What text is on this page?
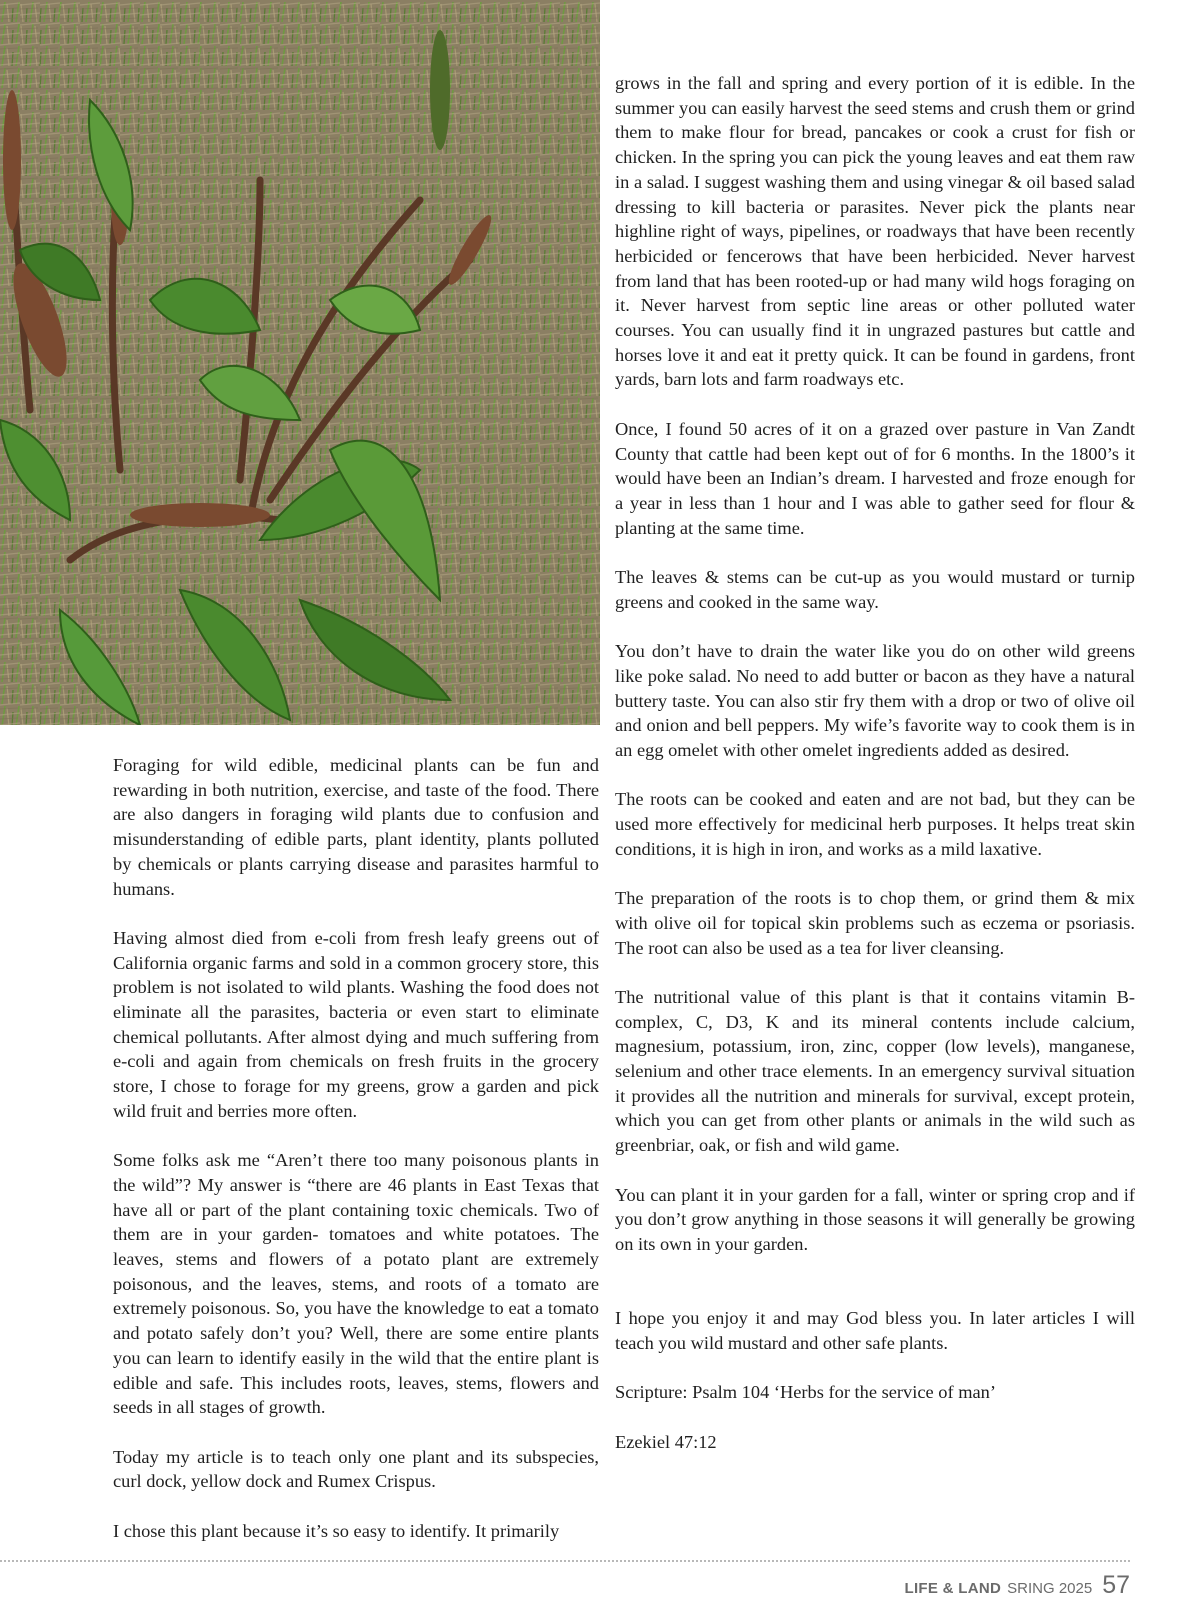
Foraging for wild edible, medicinal plants can be fun and rewarding in both nutrition, exercise, and taste of the food. There are also dangers in foraging wild plants due to confusion and misunderstanding of edible parts, plant identity, plants polluted by chemicals or plants carrying disease and parasites harmful to humans.

Having almost died from e-coli from fresh leafy greens out of California organic farms and sold in a common grocery store, this problem is not isolated to wild plants. Washing the food does not eliminate all the parasites, bacteria or even start to eliminate chemical pollutants. After almost dying and much suffering from e-coli and again from chemicals on fresh fruits in the grocery store, I chose to forage for my greens, grow a garden and pick wild fruit and berries more often.

Some folks ask me “Aren’t there too many poisonous plants in the wild”? My answer is “there are 46 plants in East Texas that have all or part of the plant containing toxic chemicals. Two of them are in your garden- tomatoes and white potatoes. The leaves, stems and flowers of a potato plant are extremely poisonous, and the leaves, stems, and roots of a tomato are extremely poisonous. So, you have the knowledge to eat a tomato and potato safely don’t you? Well, there are some entire plants you can learn to identify easily in the wild that the entire plant is edible and safe. This includes roots, leaves, stems, flowers and seeds in all stages of growth.

Today my article is to teach only one plant and its subspecies, curl dock, yellow dock and Rumex Crispus.

I chose this plant because it’s so easy to identify. It primarily

grows in the fall and spring and every portion of it is edible. In the summer you can easily harvest the seed stems and crush them or grind them to make flour for bread, pancakes or cook a crust for fish or chicken. In the spring you can pick the young leaves and eat them raw in a salad. I suggest washing them and using vinegar & oil based salad dressing to kill bacteria or parasites. Never pick the plants near highline right of ways, pipelines, or roadways that have been recently herbicided or fencerows that have been herbicided. Never harvest from land that has been rooted-up or had many wild hogs foraging on it. Never harvest from septic line areas or other polluted water courses. You can usually find it in ungrazed pastures but cattle and horses love it and eat it pretty quick. It can be found in gardens, front yards, barn lots and farm roadways etc.

Once, I found 50 acres of it on a grazed over pasture in Van Zandt County that cattle had been kept out of for 6 months. In the 1800’s it would have been an Indian’s dream. I harvested and froze enough for a year in less than 1 hour and I was able to gather seed for flour & planting at the same time.

The leaves & stems can be cut-up as you would mustard or turnip greens and cooked in the same way.

You don’t have to drain the water like you do on other wild greens like poke salad. No need to add butter or bacon as they have a natural buttery taste. You can also stir fry them with a drop or two of olive oil and onion and bell peppers. My wife’s favorite way to cook them is in an egg omelet with other omelet ingredients added as desired.

The roots can be cooked and eaten and are not bad, but they can be used more effectively for medicinal herb purposes. It helps treat skin conditions, it is high in iron, and works as a mild laxative.

The preparation of the roots is to chop them, or grind them & mix with olive oil for topical skin problems such as eczema or psoriasis. The root can also be used as a tea for liver cleansing.

The nutritional value of this plant is that it contains vitamin B-complex, C, D3, K and its mineral contents include calcium, magnesium, potassium, iron, zinc, copper (low levels), manganese, selenium and other trace elements. In an emergency survival situation it provides all the nutrition and minerals for survival, except protein, which you can get from other plants or animals in the wild such as greenbriar, oak, or fish and wild game.

You can plant it in your garden for a fall, winter or spring crop and if you don’t grow anything in those seasons it will generally be growing on its own in your garden.

I hope you enjoy it and may God bless you. In later articles I will teach you wild mustard and other safe plants.

Scripture: Psalm 104 ‘Herbs for the service of man’

Ezekiel 47:12

LIFE & LAND SRING 2025 57
